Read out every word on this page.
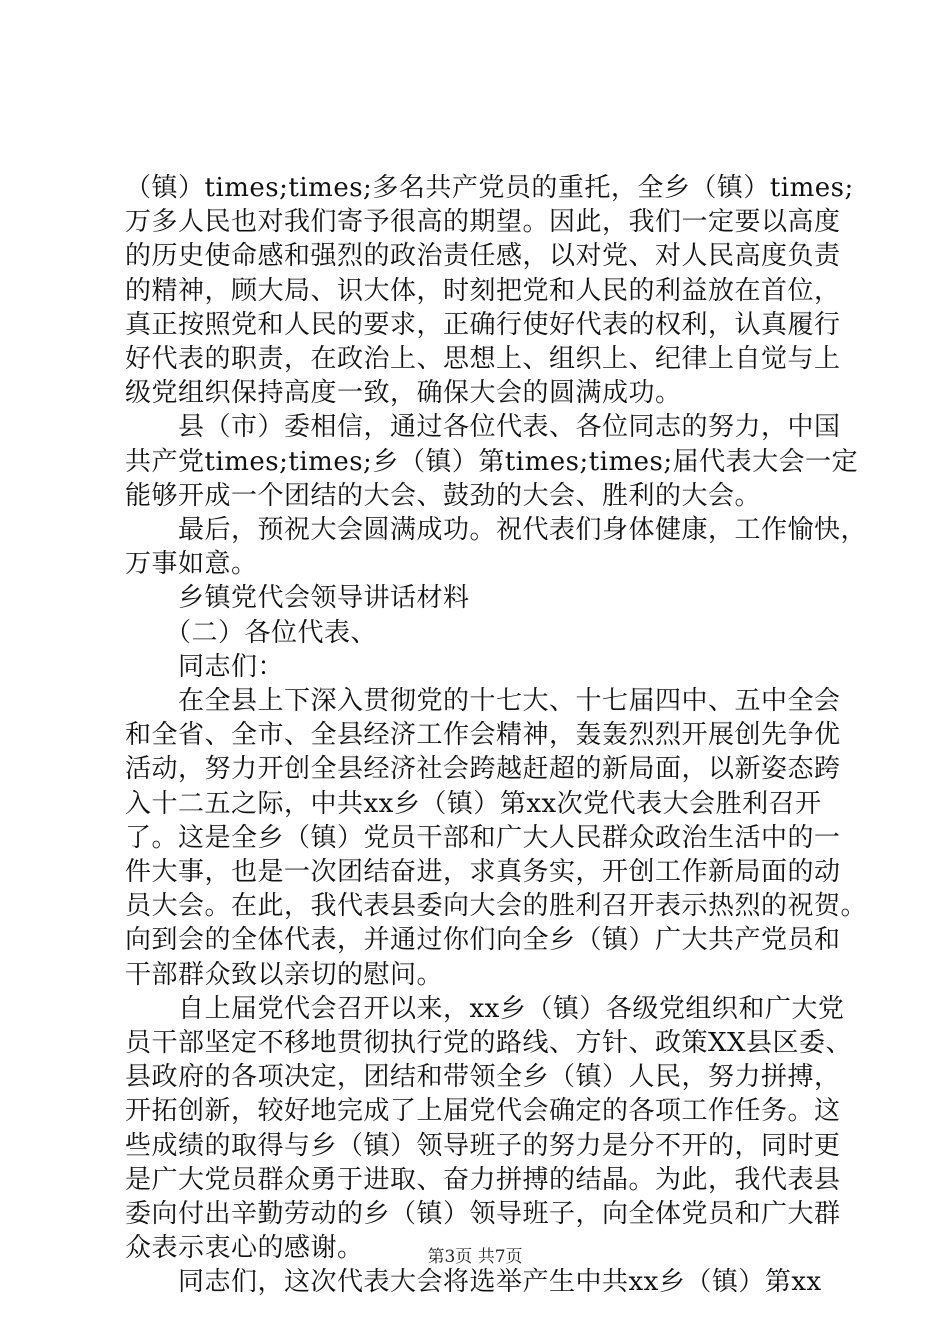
（镇）times;times;多名共产党员的重托，全乡（镇）times;
万多人民也对我们寄予很高的期望。因此，我们一定要以高度
的历史使命感和强烈的政治责任感，以对党、对人民高度负责
的精神，顾大局、识大体，时刻把党和人民的利益放在首位，
真正按照党和人民的要求，正确行使好代表的权利，认真履行
好代表的职责，在政治上、思想上、组织上、纪律上自觉与上
级党组织保持高度一致，确保大会的圆满成功。
　　县（市）委相信，通过各位代表、各位同志的努力，中国
共产党times;times;乡（镇）第times;times;届代表大会一定
能够开成一个团结的大会、鼓劲的大会、胜利的大会。
　　最后，预祝大会圆满成功。祝代表们身体健康，工作愉快，
万事如意。
　　乡镇党代会领导讲话材料
　　（二）各位代表、
　　同志们：
　　在全县上下深入贯彻党的十七大、十七届四中、五中全会
和全省、全市、全县经济工作会精神，轰轰烈烈开展创先争优
活动，努力开创全县经济社会跨越赶超的新局面，以新姿态跨
入十二五之际，中共xx乡（镇）第xx次党代表大会胜利召开
了。这是全乡（镇）党员干部和广大人民群众政治生活中的一
件大事，也是一次团结奋进，求真务实，开创工作新局面的动
员大会。在此，我代表县委向大会的胜利召开表示热烈的祝贺。
向到会的全体代表，并通过你们向全乡（镇）广大共产党员和
干部群众致以亲切的慰问。
　　自上届党代会召开以来，xx乡（镇）各级党组织和广大党
员干部坚定不移地贯彻执行党的路线、方针、政策XX县区委、
县政府的各项决定，团结和带领全乡（镇）人民，努力拼搏，
开拓创新，较好地完成了上届党代会确定的各项工作任务。这
些成绩的取得与乡（镇）领导班子的努力是分不开的，同时更
是广大党员群众勇于进取、奋力拼搏的结晶。为此，我代表县
委向付出辛勤劳动的乡（镇）领导班子，向全体党员和广大群
众表示衷心的感谢。
　　同志们，这次代表大会将选举产生中共xx乡（镇）第xx
第3页 共7页
